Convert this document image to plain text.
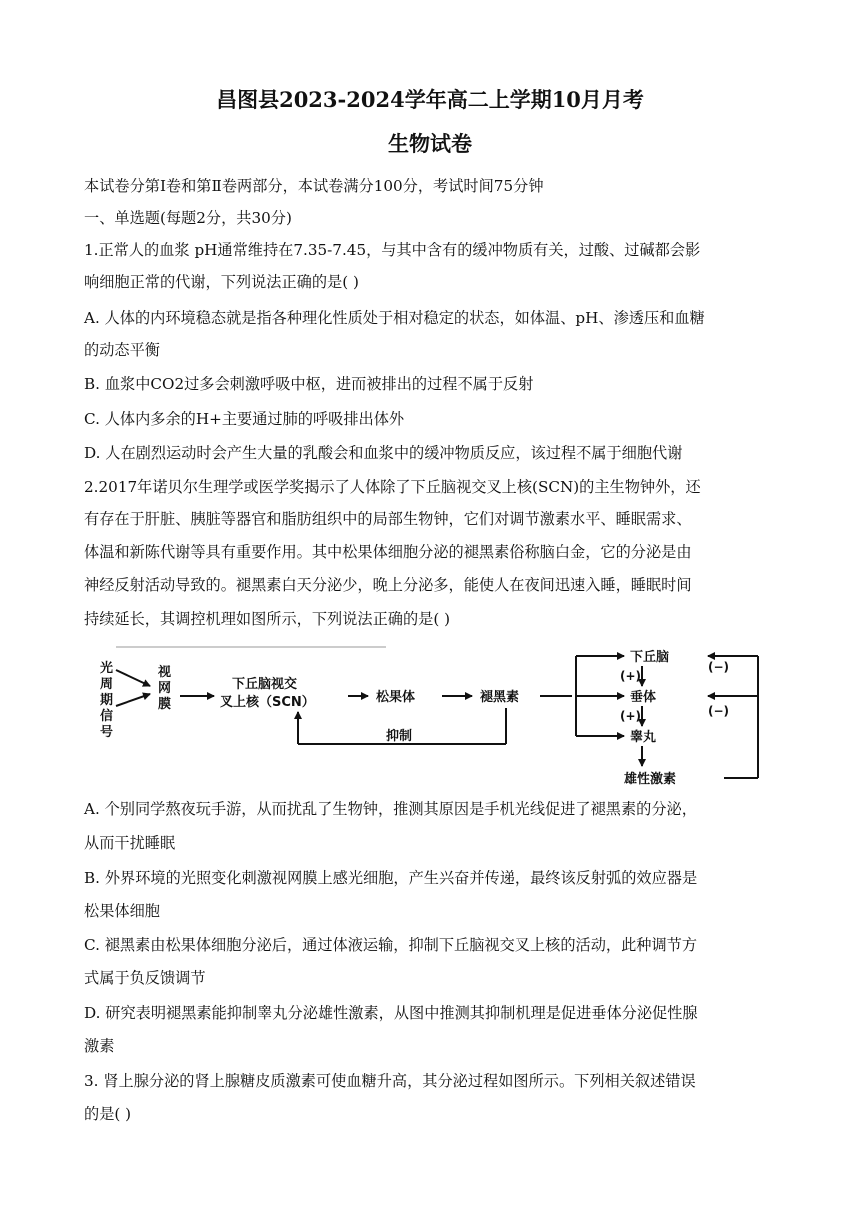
昌图县2023-2024学年高二上学期10月月考
生物试卷
本试卷分第Ⅰ卷和第Ⅱ卷两部分，本试卷满分100分，考试时间75分钟
一、单选题(每题2分，共30分)
1.正常人的血浆 pH通常维持在7.35-7.45，与其中含有的缓冲物质有关，过酸、过碱都会影
响细胞正常的代谢，下列说法正确的是( )
A. 人体的内环境稳态就是指各种理化性质处于相对稳定的状态，如体温、pH、渗透压和血糖
的动态平衡
B. 血浆中CO2过多会刺激呼吸中枢，进而被排出的过程不属于反射
C. 人体内多余的H+主要通过肺的呼吸排出体外
D. 人在剧烈运动时会产生大量的乳酸会和血浆中的缓冲物质反应，该过程不属于细胞代谢
2.2017年诺贝尔生理学或医学奖揭示了人体除了下丘脑视交叉上核(SCN)的主生物钟外，还
有存在于肝脏、胰脏等器官和脂肪组织中的局部生物钟，它们对调节激素水平、睡眠需求、
体温和新陈代谢等具有重要作用。其中松果体细胞分泌的褪黑素俗称脑白金，它的分泌是由
神经反射活动导致的。褪黑素白天分泌少，晚上分泌多，能使人在夜间迅速入睡，睡眠时间
持续延长，其调控机理如图所示，下列说法正确的是( )
光
周
期
信
号
视
网
膜
下丘脑视交
叉上核（SCN）	松果体	褪黑素
抑制
下丘脑
垂体
睾丸
雄性激素
(+)
(+)
(−)
(−)
A. 个别同学熬夜玩手游，从而扰乱了生物钟，推测其原因是手机光线促进了褪黑素的分泌，
从而干扰睡眠
B. 外界环境的光照变化刺激视网膜上感光细胞，产生兴奋并传递，最终该反射弧的效应器是
松果体细胞
C. 褪黑素由松果体细胞分泌后，通过体液运输，抑制下丘脑视交叉上核的活动，此种调节方
式属于负反馈调节
D. 研究表明褪黑素能抑制睾丸分泌雄性激素，从图中推测其抑制机理是促进垂体分泌促性腺
激素
3. 肾上腺分泌的肾上腺糖皮质激素可使血糖升高，其分泌过程如图所示。下列相关叙述错误
的是( )
